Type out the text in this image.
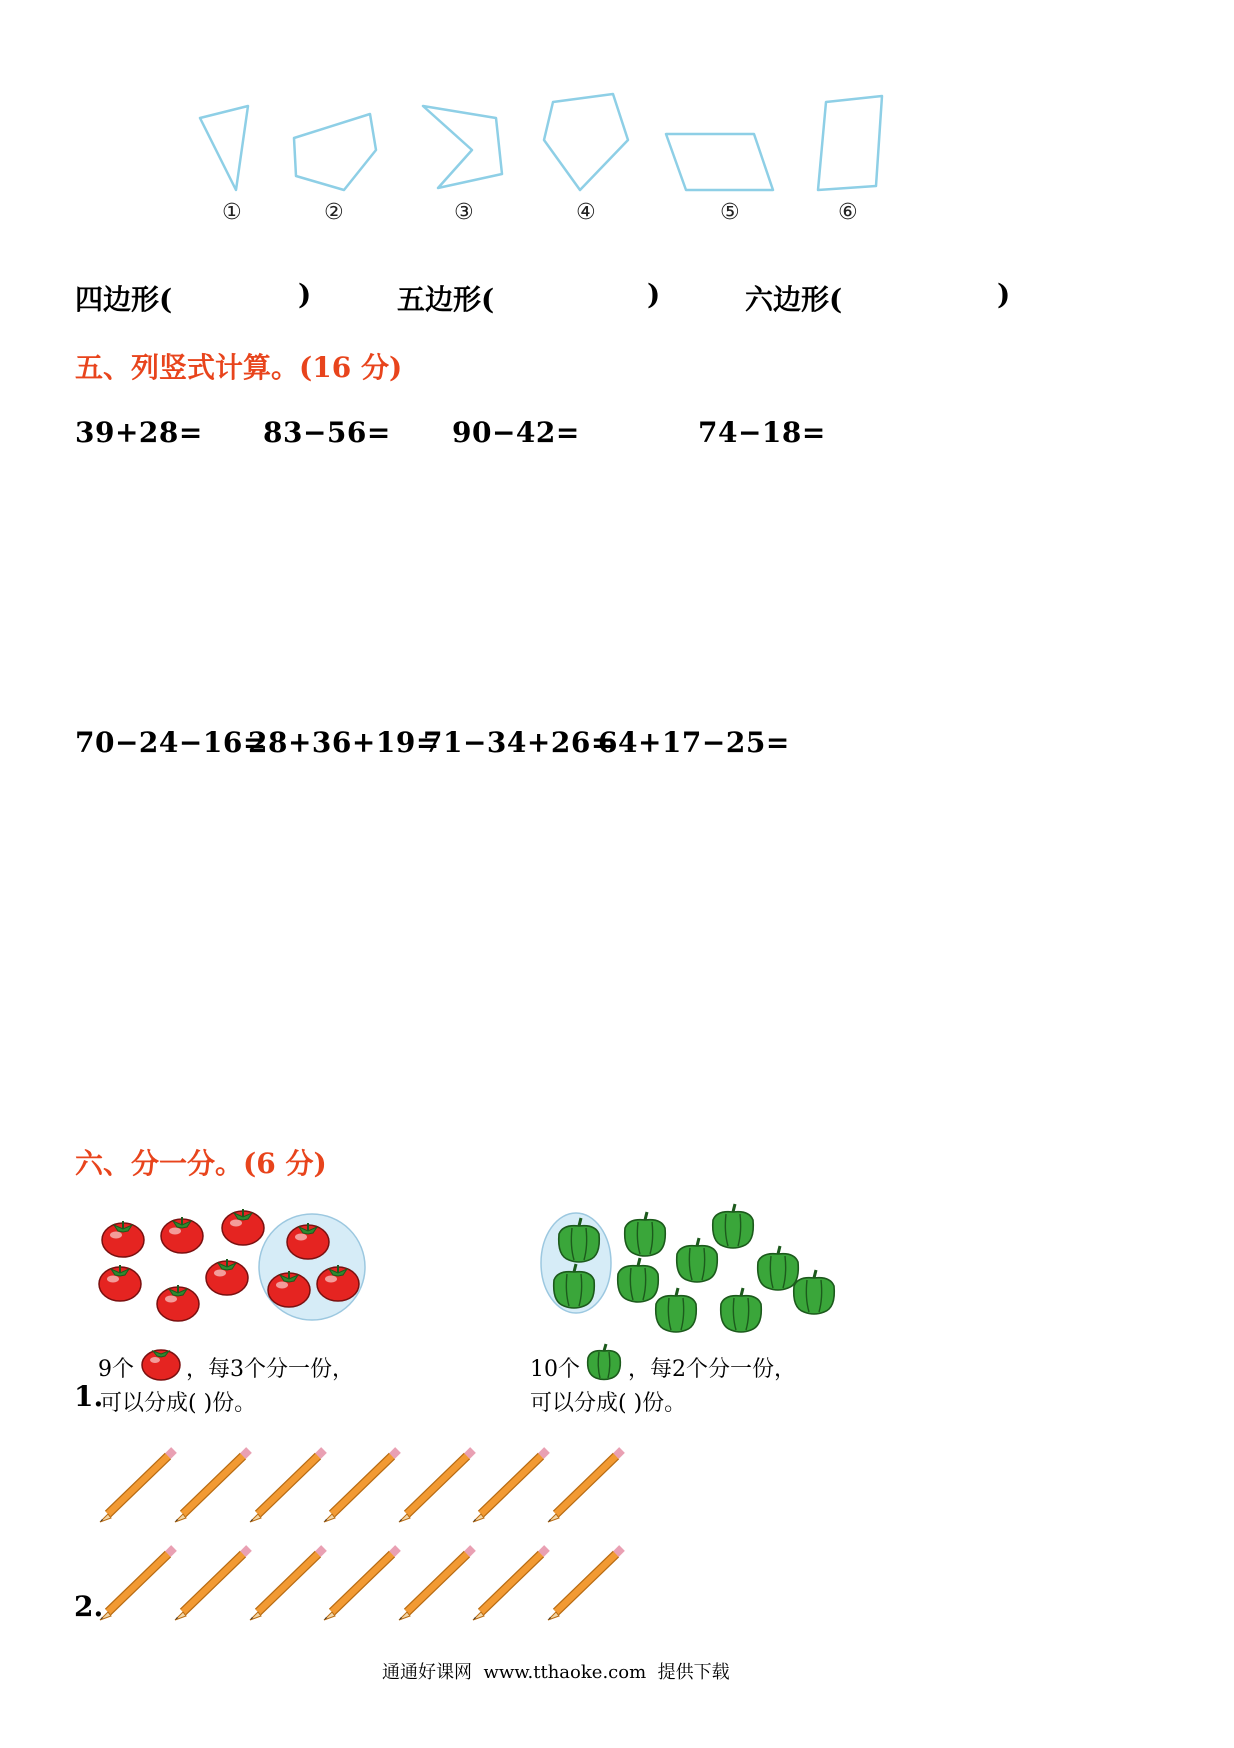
①	②	③	④	⑤	⑥
四边形(	)	五边形(	)	六边形(	)
五、列竖式计算。(16 分)
39+28= 83−56= 90−42=	74−18=
70−24−16=
28+36+19=
71−34+26=
64+17−25=
六、分一分。(6 分)
9个 ，每3个分一份，
1.
可以分成( )份。
10个 ，每2个分一份，
可以分成( )份。
2.
通通好课网  www.tthaoke.com  提供下载
